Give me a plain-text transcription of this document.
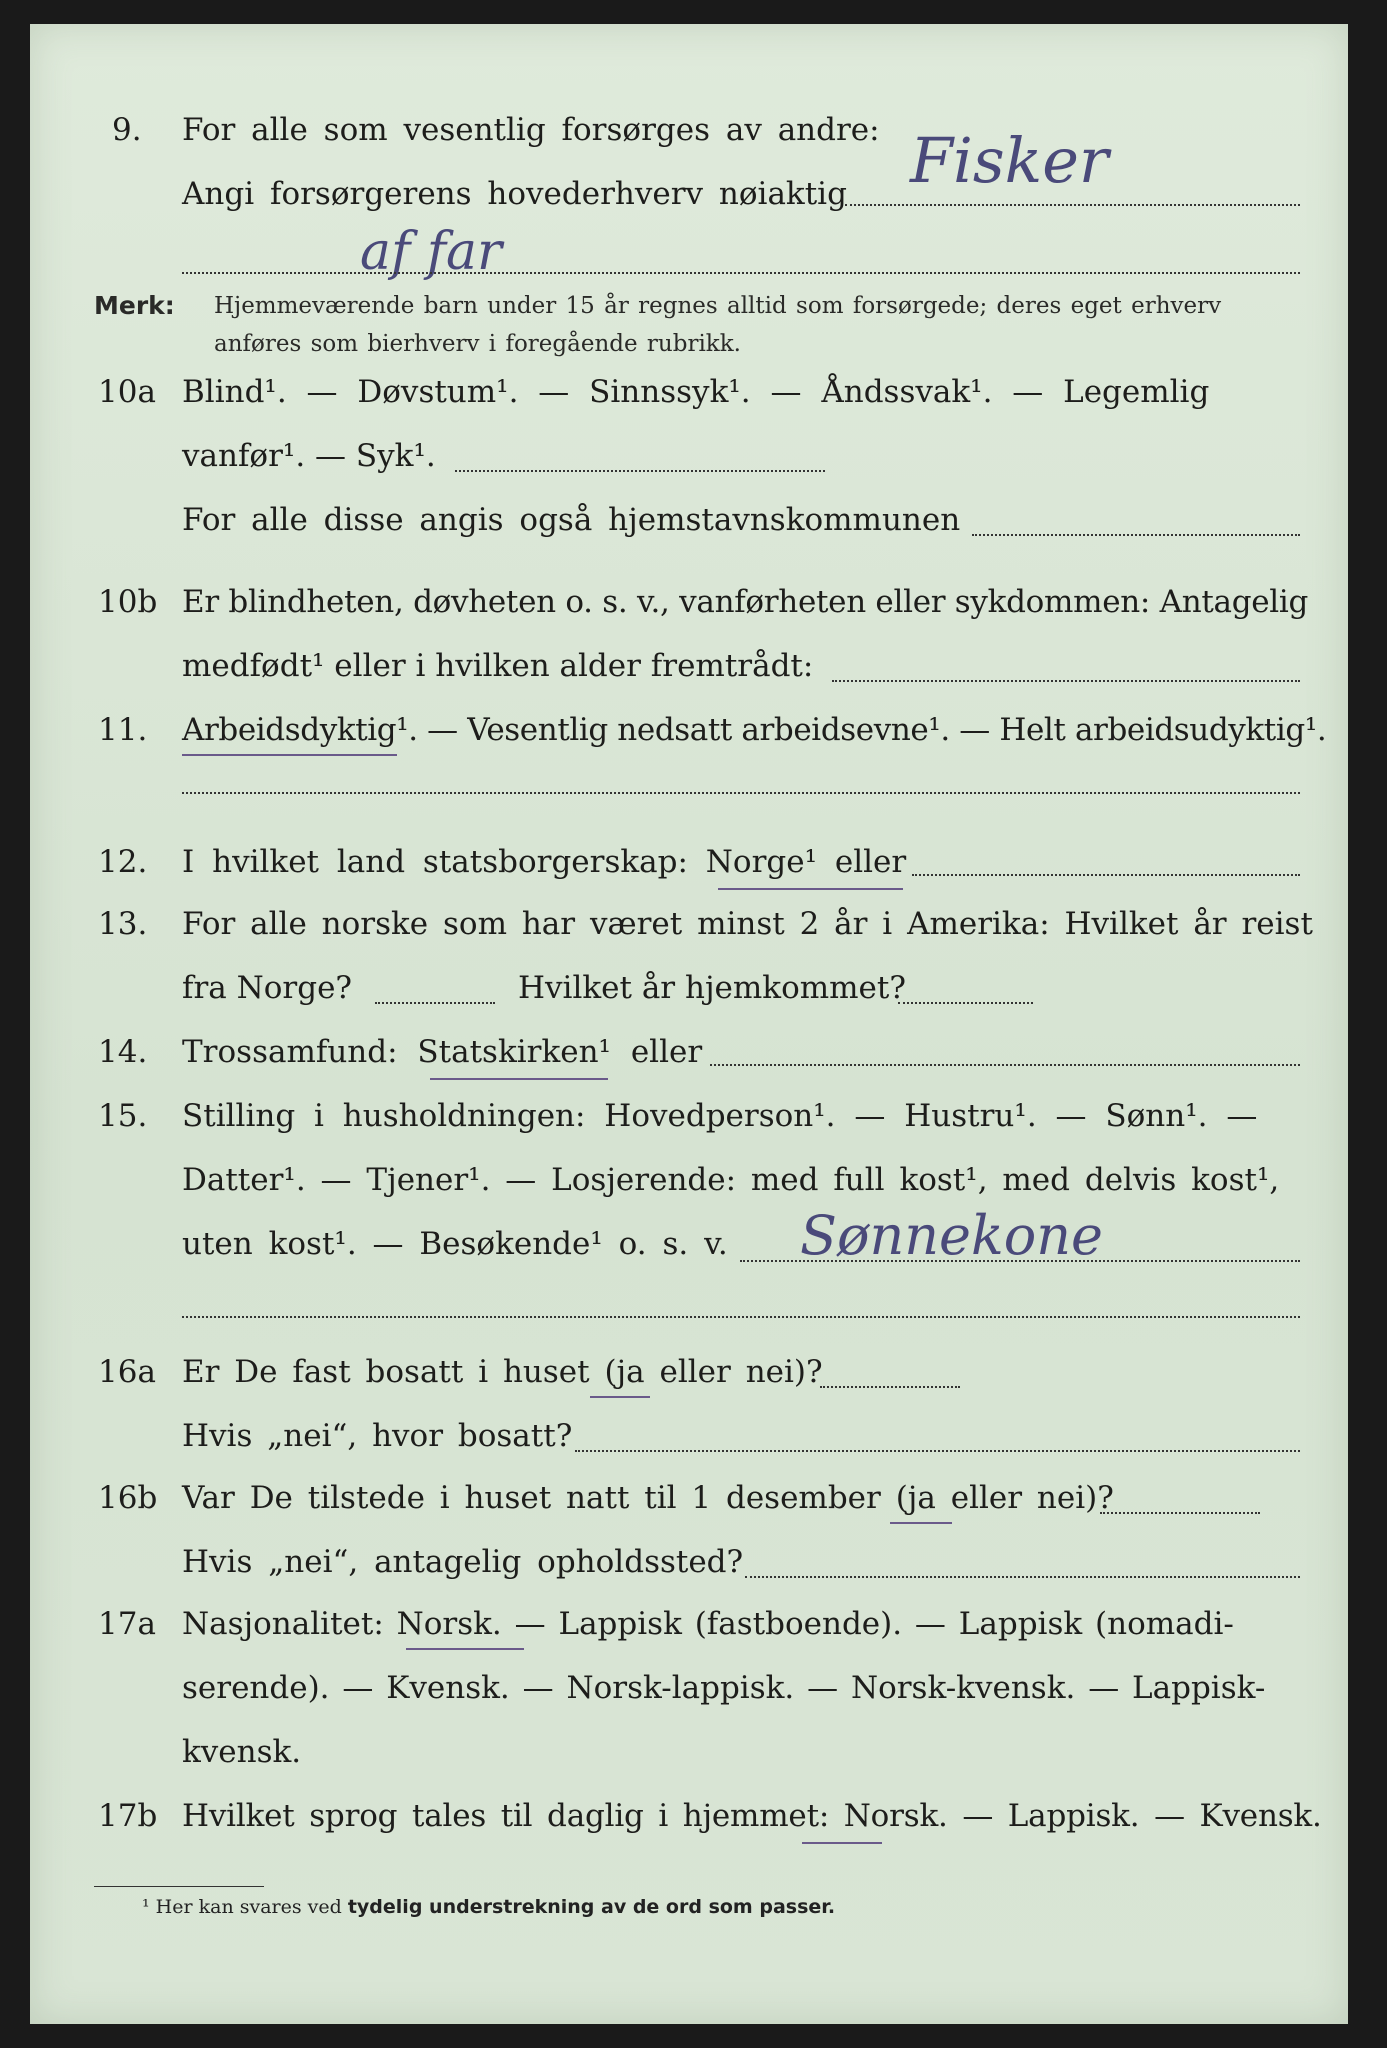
9. For alle som vesentlig forsørges av andre: Fisker
Angi forsørgerens hovederhverv nøiaktig
af far
Merk: Hjemmeværende barn under 15 år regnes alltid som forsørgede; deres eget erhverv
anføres som bierhverv i foregående rubrikk.
10a Blind¹. — Døvstum¹. — Sinnssyk¹. — Åndssvak¹. — Legemlig
vanfør¹. — Syk¹.
For alle disse angis også hjemstavnskommunen
10b Er blindheten, døvheten o. s. v., vanførheten eller sykdommen: Antagelig
medfødt¹ eller i hvilken alder fremtrådt:
11. Arbeidsdyktig¹. — Vesentlig nedsatt arbeidsevne¹. — Helt arbeidsudyktig¹.
12. I hvilket land statsborgerskap: Norge¹ eller
13. For alle norske som har været minst 2 år i Amerika: Hvilket år reist
fra Norge?	Hvilket år hjemkommet?
14. Trossamfund: Statskirken¹ eller
15. Stilling i husholdningen: Hovedperson¹. — Hustru¹. — Sønn¹. —
Datter¹. — Tjener¹. — Losjerende: med full kost¹, med delvis kost¹,
uten kost¹. — Besøkende¹ o. s. v. Sønnekone
16a Er De fast bosatt i huset (ja eller nei)?
Hvis „nei“, hvor bosatt?
16b Var De tilstede i huset natt til 1 desember (ja eller nei)?
Hvis „nei“, antagelig opholdssted?
17a Nasjonalitet: Norsk. — Lappisk (fastboende). — Lappisk (nomadi-
serende). — Kvensk. — Norsk-lappisk. — Norsk-kvensk. — Lappisk-
kvensk.
17b Hvilket sprog tales til daglig i hjemmet: Norsk. — Lappisk. — Kvensk.
¹ Her kan svares ved tydelig understrekning av de ord som passer.
